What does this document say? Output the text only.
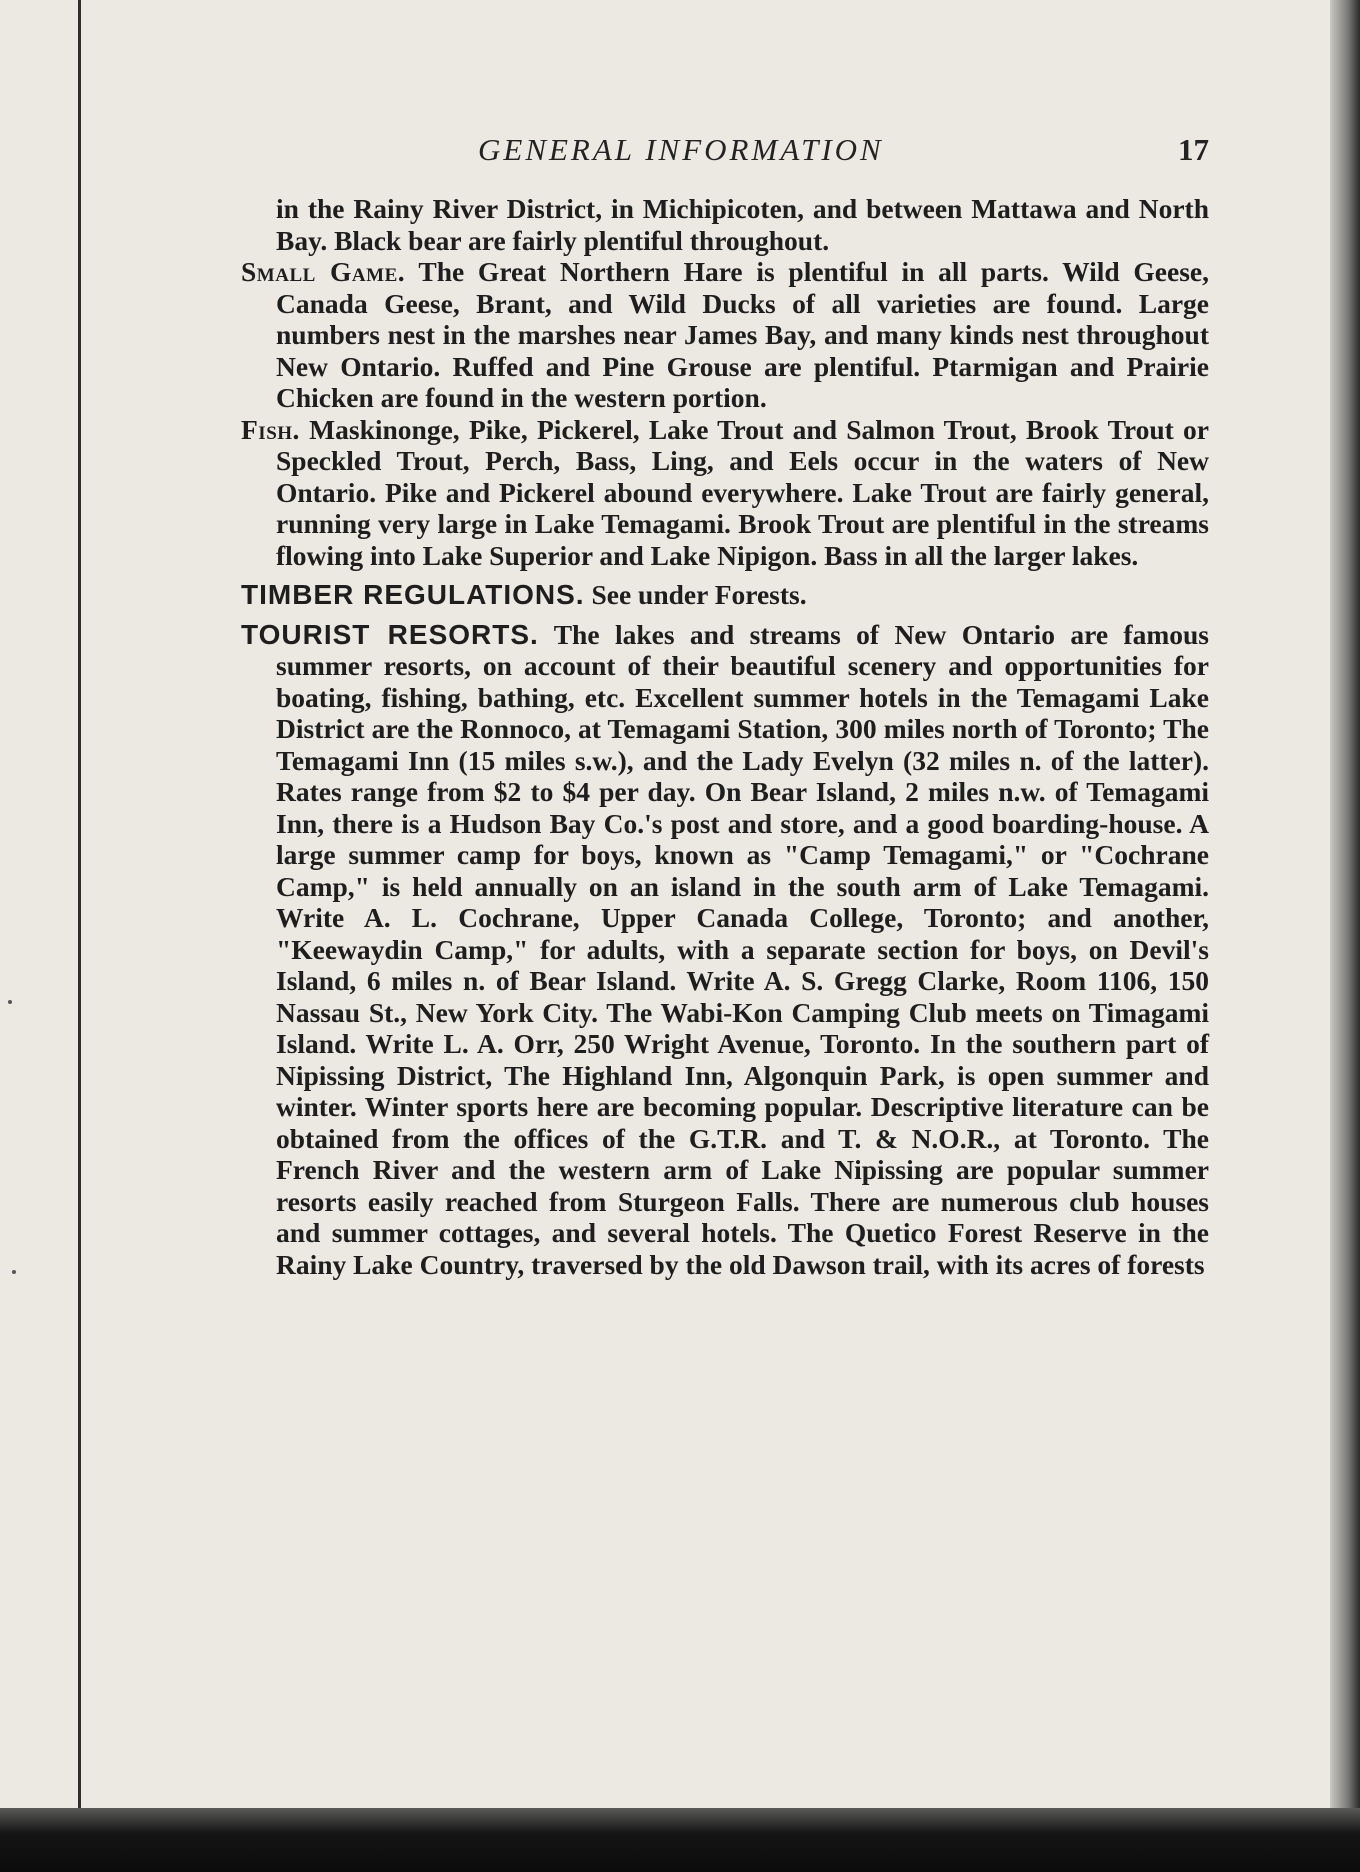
GENERAL INFORMATION	17

in the Rainy River District, in Michipicoten, and between Mattawa and North Bay. Black bear are fairly plentiful throughout.

Small Game. The Great Northern Hare is plentiful in all parts. Wild Geese, Canada Geese, Brant, and Wild Ducks of all varieties are found. Large numbers nest in the marshes near James Bay, and many kinds nest throughout New Ontario. Ruffed and Pine Grouse are plentiful. Ptarmigan and Prairie Chicken are found in the western portion.

Fish. Maskinonge, Pike, Pickerel, Lake Trout and Salmon Trout, Brook Trout or Speckled Trout, Perch, Bass, Ling, and Eels occur in the waters of New Ontario. Pike and Pickerel abound everywhere. Lake Trout are fairly general, running very large in Lake Temagami. Brook Trout are plentiful in the streams flowing into Lake Superior and Lake Nipigon. Bass in all the larger lakes.

TIMBER REGULATIONS. See under Forests.

TOURIST RESORTS. The lakes and streams of New Ontario are famous summer resorts, on account of their beautiful scenery and opportunities for boating, fishing, bathing, etc. Excellent summer hotels in the Temagami Lake District are the Ronnoco, at Temagami Station, 300 miles north of Toronto; The Temagami Inn (15 miles s.w.), and the Lady Evelyn (32 miles n. of the latter). Rates range from $2 to $4 per day. On Bear Island, 2 miles n.w. of Temagami Inn, there is a Hudson Bay Co.'s post and store, and a good boarding-house. A large summer camp for boys, known as "Camp Temagami," or "Cochrane Camp," is held annually on an island in the south arm of Lake Temagami. Write A. L. Cochrane, Upper Canada College, Toronto; and another, "Keewaydin Camp," for adults, with a separate section for boys, on Devil's Island, 6 miles n. of Bear Island. Write A. S. Gregg Clarke, Room 1106, 150 Nassau St., New York City. The Wabi-Kon Camping Club meets on Timagami Island. Write L. A. Orr, 250 Wright Avenue, Toronto. In the southern part of Nipissing District, The Highland Inn, Algonquin Park, is open summer and winter. Winter sports here are becoming popular. Descriptive literature can be obtained from the offices of the G.T.R. and T. & N.O.R., at Toronto. The French River and the western arm of Lake Nipissing are popular summer resorts easily reached from Sturgeon Falls. There are numerous club houses and summer cottages, and several hotels. The Quetico Forest Reserve in the Rainy Lake Country, traversed by the old Dawson trail, with its acres of forests
